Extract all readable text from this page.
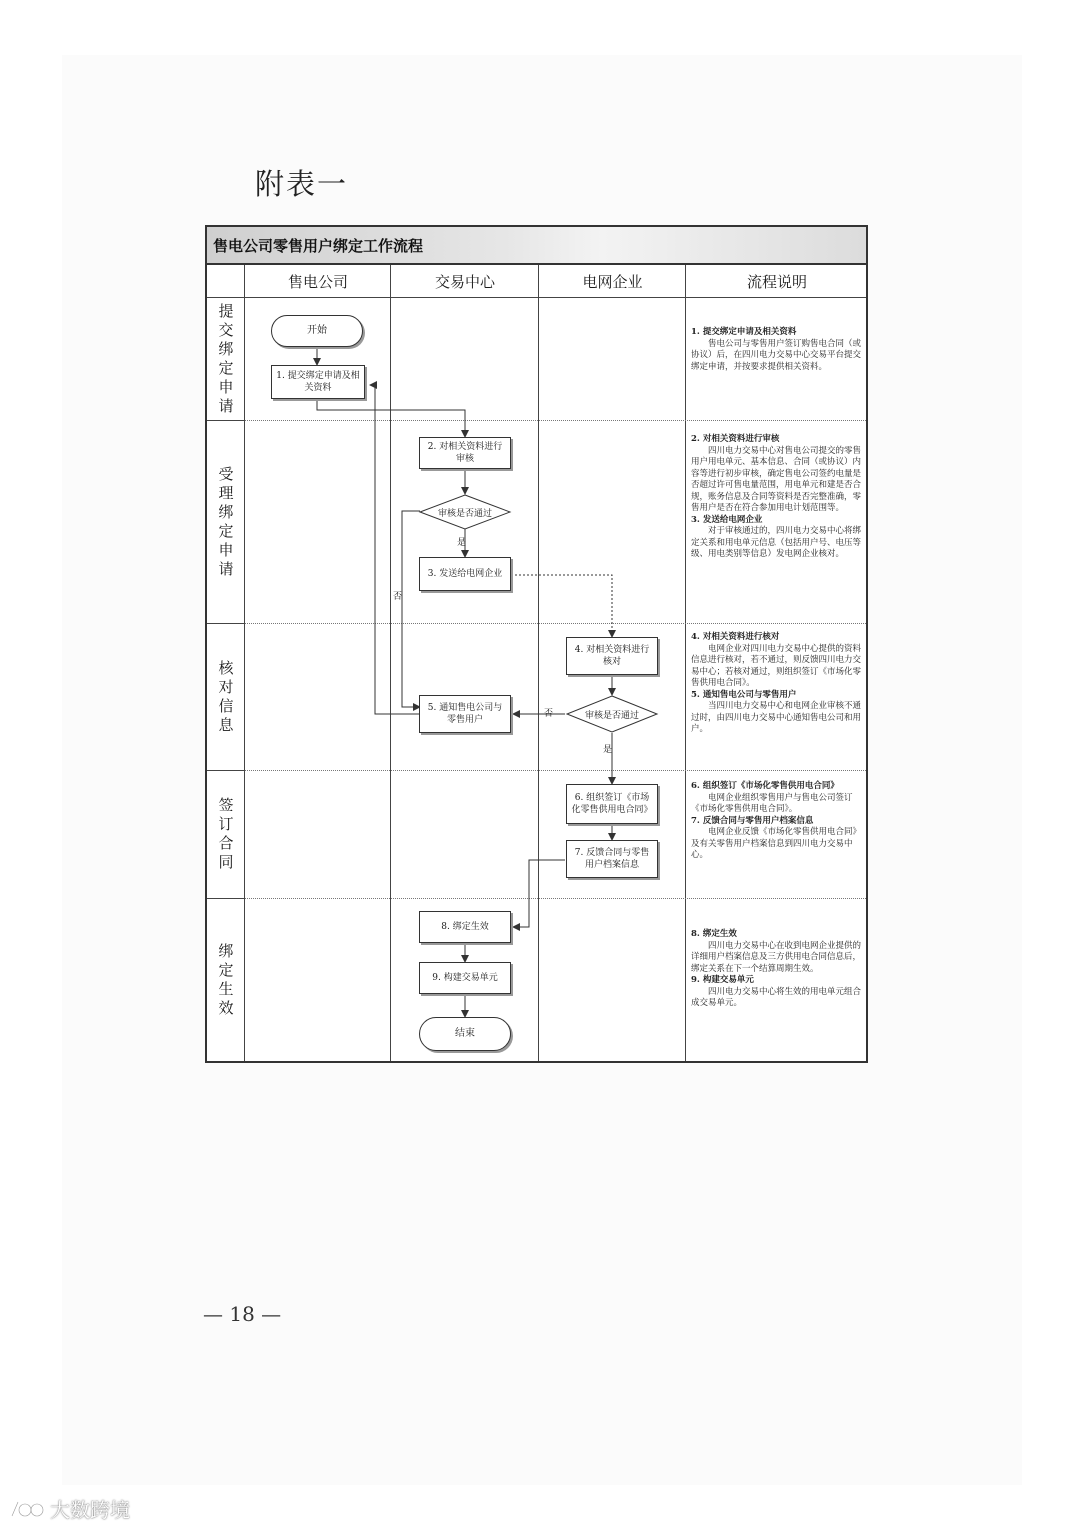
附表一
售电公司零售用户绑定工作流程
售电公司	交易中心	电网企业	流程说明
提交绑定申请
受理绑定申请
核对信息
签订合同
绑定生效
开始
1. 提交绑定申请及相关资料
2. 对相关资料进行审核
审核是否通过
3. 发送给电网企业
4. 对相关资料进行核对
审核是否通过
5. 通知售电公司与零售用户
6. 组织签订《市场化零售供用电合同》
7. 反馈合同与零售用户档案信息
8. 绑定生效
9. 构建交易单元
结束
是
否
是
否
1. 提交绑定申请及相关资料
售电公司与零售用户签订购售电合同（或协议）后，在四川电力交易中心交易平台提交绑定申请，并按要求提供相关资料。
2. 对相关资料进行审核
四川电力交易中心对售电公司提交的零售用户用电单元、基本信息、合同（或协议）内容等进行初步审核，确定售电公司签约电量是否超过许可售电量范围，用电单元和建是否合规，账务信息及合同等资料是否完整准确，零售用户是否在符合参加用电计划范围等。
3. 发送给电网企业
对于审核通过的，四川电力交易中心将绑定关系和用电单元信息（包括用户号、电压等级、用电类别等信息）发电网企业核对。
4. 对相关资料进行核对
电网企业对四川电力交易中心提供的资料信息进行核对，若不通过，则反馈四川电力交易中心；若核对通过，则组织签订《市场化零售供用电合同》。
5. 通知售电公司与零售用户
当四川电力交易中心和电网企业审核不通过时，由四川电力交易中心通知售电公司和用户。
6. 组织签订《市场化零售供用电合同》
电网企业组织零售用户与售电公司签订《市场化零售供用电合同》。
7. 反馈合同与零售用户档案信息
电网企业反馈《市场化零售供用电合同》及有关零售用户档案信息到四川电力交易中心。
8. 绑定生效
四川电力交易中心在收到电网企业提供的详细用户档案信息及三方供用电合同信息后，绑定关系在下一个结算周期生效。
9. 构建交易单元
四川电力交易中心将生效的用电单元组合成交易单元。
— 18 —
大数跨境
